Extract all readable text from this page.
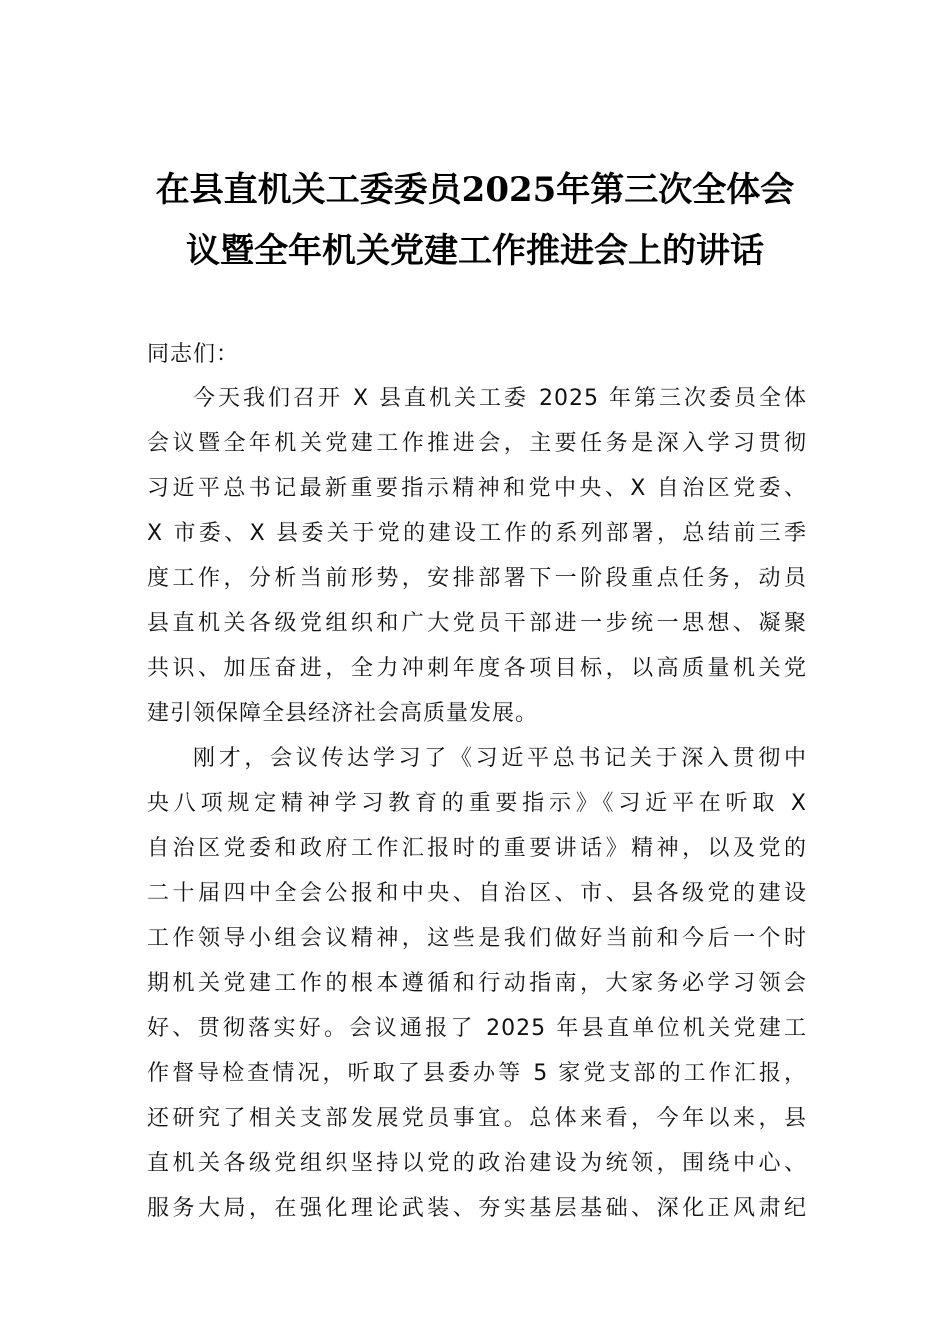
在县直机关工委委员2025年第三次全体会
议暨全年机关党建工作推进会上的讲话
同志们：
今天我们召开 X 县直机关工委 2025 年第三次委员全体
会议暨全年机关党建工作推进会，主要任务是深入学习贯彻
习近平总书记最新重要指示精神和党中央、X 自治区党委、
X 市委、X 县委关于党的建设工作的系列部署，总结前三季
度工作，分析当前形势，安排部署下一阶段重点任务，动员
县直机关各级党组织和广大党员干部进一步统一思想、凝聚
共识、加压奋进，全力冲刺年度各项目标，以高质量机关党
建引领保障全县经济社会高质量发展。
刚才，会议传达学习了《习近平总书记关于深入贯彻中
央八项规定精神学习教育的重要指示》《习近平在听取 X
自治区党委和政府工作汇报时的重要讲话》精神，以及党的
二十届四中全会公报和中央、自治区、市、县各级党的建设
工作领导小组会议精神，这些是我们做好当前和今后一个时
期机关党建工作的根本遵循和行动指南，大家务必学习领会
好、贯彻落实好。会议通报了 2025 年县直单位机关党建工
作督导检查情况，听取了县委办等 5 家党支部的工作汇报，
还研究了相关支部发展党员事宜。总体来看，今年以来，县
直机关各级党组织坚持以党的政治建设为统领，围绕中心、
服务大局，在强化理论武装、夯实基层基础、深化正风肃纪
